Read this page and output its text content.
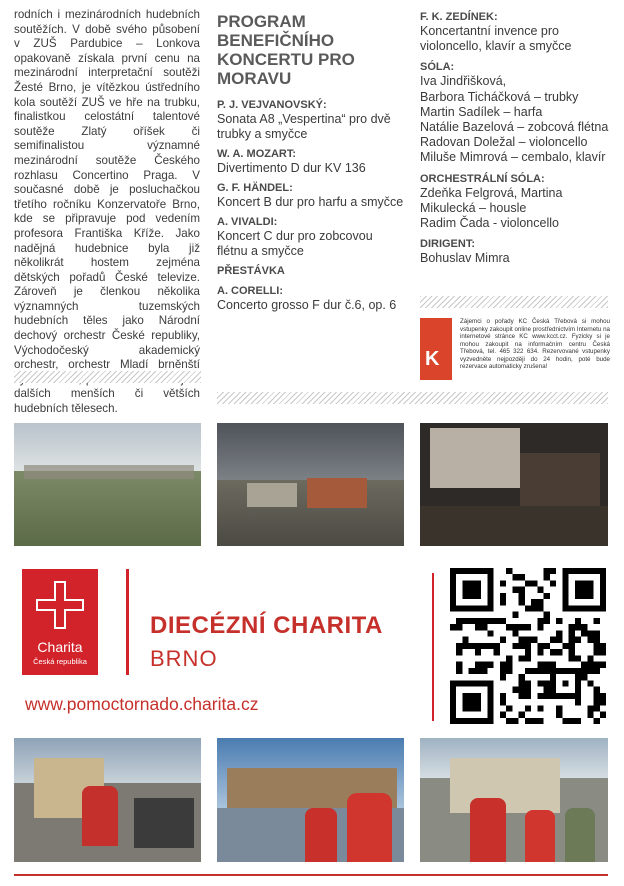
rodních i mezinárodních hudebních soutěžích. V době svého působení v ZUŠ Pardubice – Lonkova opakovaně získala první cenu na mezinárodní interpretační soutěži Žesté Brno, je vítězkou ústředního kola soutěží ZUŠ ve hře na trubku, finalistkou celostátní talentové soutěže Zlatý oříšek či semifinalistou významné mezinárodní soutěže Českého rozhlasu Concertino Praga. V současné době je posluchačkou třetího ročníku Konzervatoře Brno, kde se připravuje pod vedením profesora Františka Kříže. Jako nadějná hudebnice byla již několikrát hostem zejména dětských pořadů České televize. Zároveň je členkou několika významných tuzemských hudebních těles jako Národní dechový orchestr České republiky, Východočeský akademický orchestr, orchestr Mladí brněnští dalších menších či větších hudebních tělesech.

PROGRAM BENEFIČNÍHO KONCERTU PRO MORAVU
P. J. VEJVANOVSKÝ:
Sonata A8 „Vespertina“ pro dvě trubky a smyčce
W. A. MOZART:
Divertimento D dur KV 136
G. F. HÄNDEL:
Koncert B dur pro harfu a smyčce
A. VIVALDI:
Koncert C dur pro zobcovou flétnu a smyčce
PŘESTÁVKA
A. CORELLI:
Concerto grosso F dur č.6, op. 6
F. K. ZEDÍNEK:
Koncertantní invence pro violoncello, klavír a smyčce
SÓLA:
Iva Jindřišková,
Barbora Ticháčková – trubky
Martin Sadílek – harfa
Natálie Bazelová – zobcová flétna
Radovan Doležal – violoncello
Miluše Mimrová – cembalo, klavír
ORCHESTRÁLNÍ SÓLA:
Zdeňka Felgrová, Martina Mikulecká – housle
Radim Čada - violoncello
DIRIGENT:
Bohuslav Mimra
K
Zájemci o pořady KC Česká Třebová si mohou vstupenky zakoupit online prostřednictvím Internetu na internetové stránce KC www.kcct.cz. Fyzicky si je mohou zakoupit na informačním centru Česká Třebová, tel. 465 322 634. Rezervované vstupenky vyzvedněte nejpozději do 24 hodin, poté bude rezervace automaticky zrušena!
Charita
Česká republika
DIECÉZNÍ CHARITA
BRNO
www.pomoctornado.charita.cz
